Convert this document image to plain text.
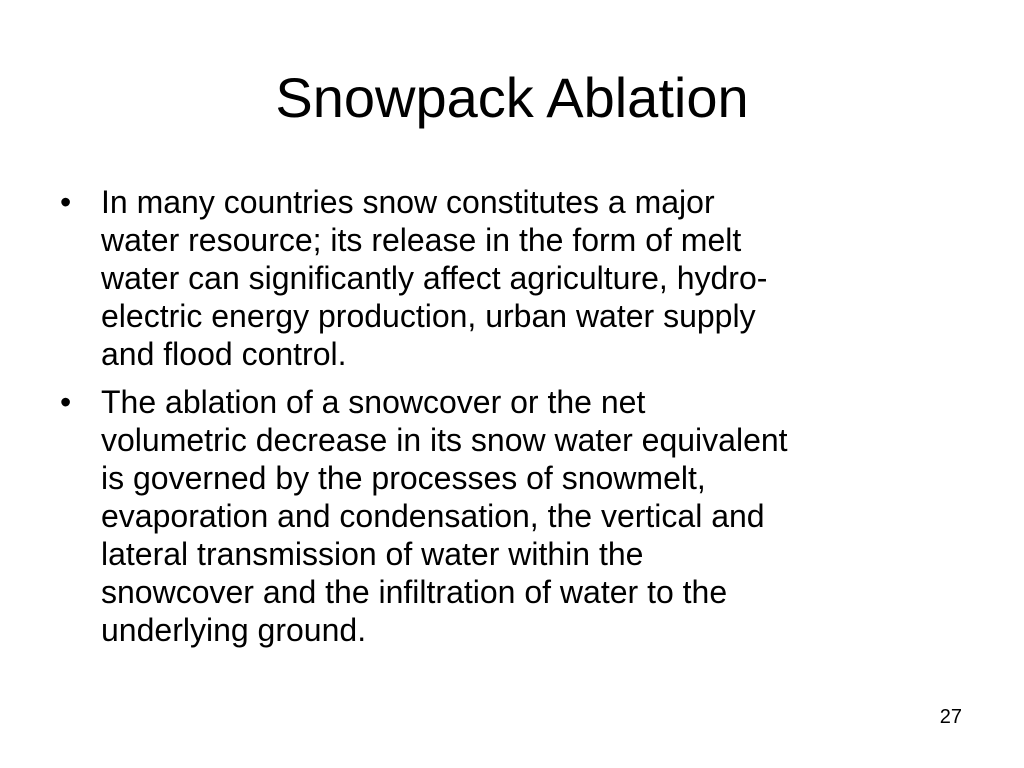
Snowpack Ablation
• In many countries snow constitutes a major
water resource; its release in the form of melt
water can significantly affect agriculture, hydro-
electric energy production, urban water supply
and flood control.
• The ablation of a snowcover or the net
volumetric decrease in its snow water equivalent
is governed by the processes of snowmelt,
evaporation and condensation, the vertical and
lateral transmission of water within the
snowcover and the infiltration of water to the
underlying ground.
27
